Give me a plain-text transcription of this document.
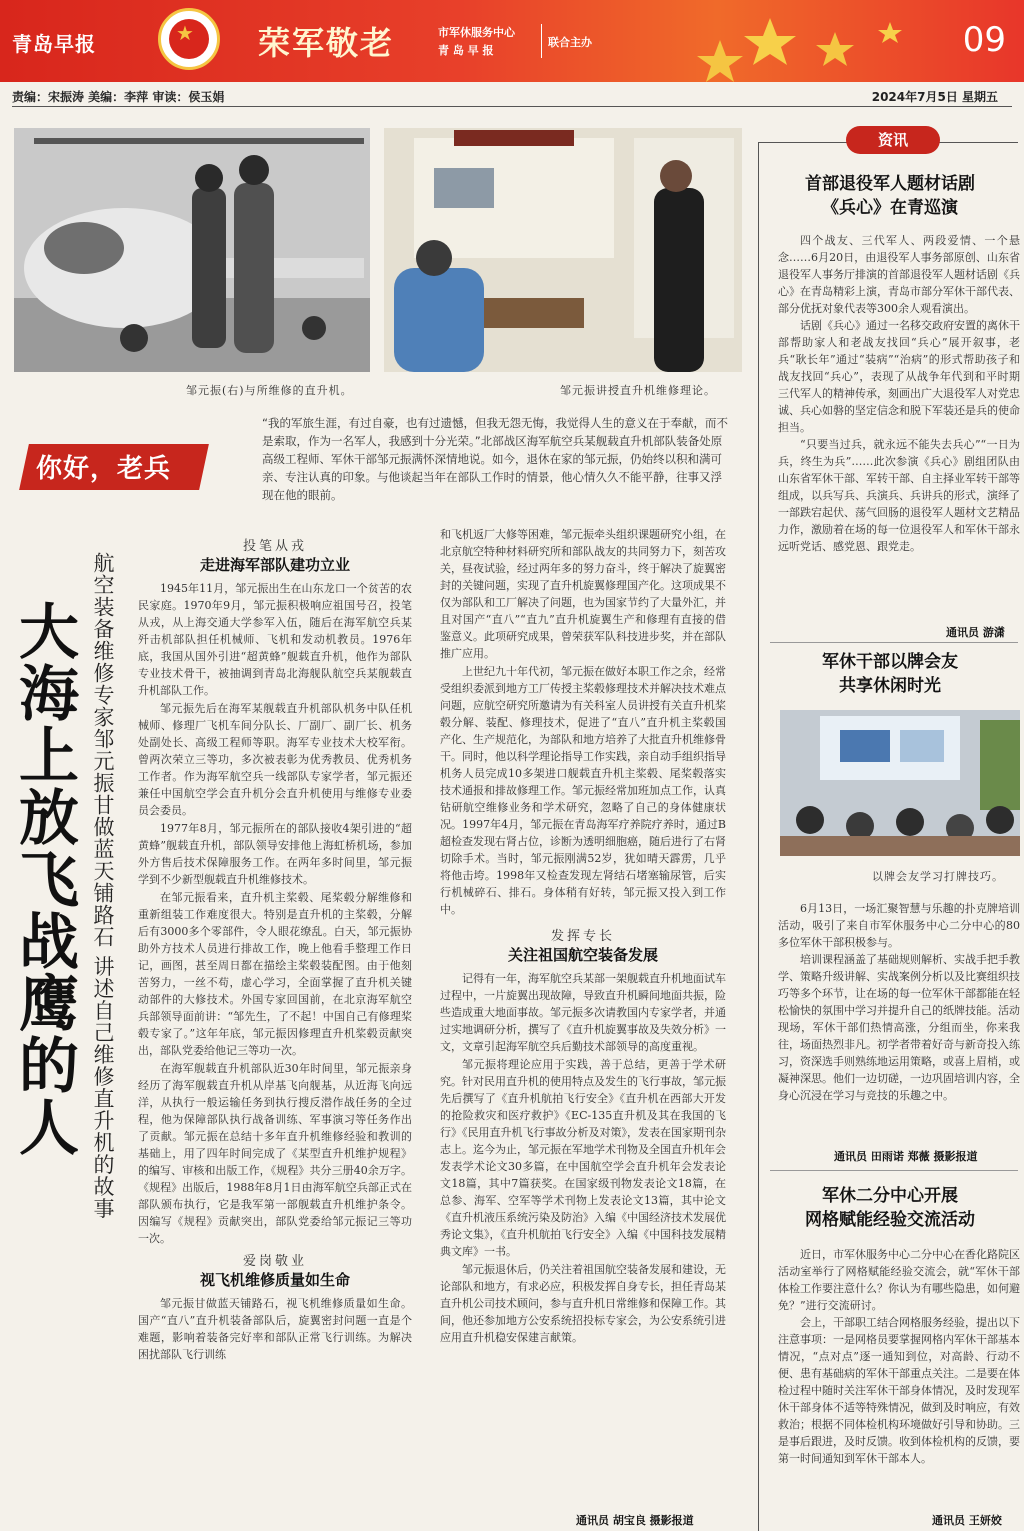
青岛早报	★ 荣军敬老	市军休服务中心
青 岛 早 报
联合主办	09
责编：宋振涛 美编：李萍 审读：侯玉娟	2024年7月5日 星期五
邹元振(右)与所维修的直升机。	邹元振讲授直升机维修理论。
你好，老兵
“我的军旅生涯，有过自豪，也有过遗憾，但我无怨无悔，我觉得人生的意义在于奉献，而不是索取，作为一名军人，我感到十分光荣。”北部战区海军航空兵某舰载直升机部队装备处原高级工程师、军休干部邹元振满怀深情地说。如今，退休在家的邹元振，仍始终以积和满可亲、专注认真的印象。与他谈起当年在部队工作时的情景，他心情久久不能平静，往事又浮现在他的眼前。
大海上放飞战鹰的人 航空装备维修专家邹元振甘做蓝天铺路石 讲述自己维修直升机的故事
投笔从戎
走进海军部队建功立业

1945年11月，邹元振出生在山东龙口一个贫苦的农民家庭。1970年9月，邹元振积极响应祖国号召，投笔从戎，从上海交通大学参军入伍，随后在海军航空兵某歼击机部队担任机械师、飞机和发动机教员。1976年底，我国从国外引进“超黄蜂”舰载直升机，他作为部队专业技术骨干，被抽调到青岛北海舰队航空兵某舰载直升机部队工作。

邹元振先后在海军某舰载直升机部队机务中队任机械师、修理厂飞机车间分队长、厂副厂、副厂长、机务处副处长、高级工程师等职。海军专业技术大校军衔。曾两次荣立三等功，多次被表彰为优秀教员、优秀机务工作者。作为海军航空兵一线部队专家学者，邹元振还兼任中国航空学会直升机分会直升机使用与维修专业委员会委员。

1977年8月，邹元振所在的部队接收4架引进的“超黄蜂”舰载直升机，部队领导安排他上海虹桥机场，参加外方售后技术保障服务工作。在两年多时间里，邹元振学到不少新型舰载直升机维修技术。

在邹元振看来，直升机主桨毂、尾桨毂分解维修和重新组装工作难度很大。特别是直升机的主桨毂，分解后有3000多个零部件，令人眼花缭乱。白天，邹元振协助外方技术人员进行排故工作，晚上他看手整理工作日记，画图，甚至周日都在描绘主桨毂装配图。由于他刻苦努力，一丝不苟，虚心学习，全面掌握了直升机关键动部件的大修技术。外国专家回国前，在北京海军航空兵部领导面前讲：“邹先生，了不起！中国自己有修理桨毂专家了。”这年年底，邹元振因修理直升机桨毂贡献突出，部队党委给他记三等功一次。

在海军舰载直升机部队近30年时间里，邹元振亲身经历了海军舰载直升机从岸基飞向舰基，从近海飞向远洋，从执行一般运输任务到执行搜反潜作战任务的全过程，他为保障部队执行战备训练、军事演习等任务作出了贡献。邹元振在总结十多年直升机维修经验和教训的基础上，用了四年时间完成了《某型直升机维护规程》的编写、审核和出版工作，《规程》共分三册40余万字。《规程》出版后，1988年8月1日由海军航空兵部正式在部队颁布执行，它是我军第一部舰载直升机维护条令。因编写《规程》贡献突出，部队党委给邹元振记三等功一次。

爱岗敬业
视飞机维修质量如生命

邹元振甘做蓝天铺路石，视飞机维修质量如生命。国产“直八”直升机装备部队后，旋翼密封问题一直是个难题，影响着装备完好率和部队正常飞行训练。为解决困扰部队飞行训练

和飞机返厂大修等困难，邹元振牵头组织课题研究小组，在北京航空特种材料研究所和部队战友的共同努力下，刻苦攻关，昼夜试验，经过两年多的努力奋斗，终于解决了旋翼密封的关键问题，实现了直升机旋翼修理国产化。这项成果不仅为部队和工厂解决了问题，也为国家节约了大量外汇，并且对国产“直八”“直九”直升机旋翼生产和修理有直接的借鉴意义。此项研究成果，曾荣获军队科技进步奖，并在部队推广应用。

上世纪九十年代初，邹元振在做好本职工作之余，经常受组织委派到地方工厂传授主桨毂修理技术并解决技术难点问题，应航空研究所邀请为有关科室人员讲授有关直升机桨毂分解、装配、修理技术，促进了“直八”直升机主桨毂国产化、生产规范化，为部队和地方培养了大批直升机维修骨干。同时，他以科学理论指导工作实践，亲自动手组织指导机务人员完成10多架进口舰载直升机主桨毂、尾桨毂落实技术通报和排故修理工作。邹元振经常加班加点工作，认真钻研航空维修业务和学术研究，忽略了自己的身体健康状况。1997年4月，邹元振在青岛海军疗养院疗养时，通过B超检查发现右肾占位，诊断为透明细胞癌，随后进行了右肾切除手术。当时，邹元振刚满52岁，犹如晴天霹雳，几乎将他击垮。1998年又检查发现左肾结石堵塞输尿管，后实行机械碎石、排石。身体稍有好转，邹元振又投入到工作中。

发挥专长
关注祖国航空装备发展

记得有一年，海军航空兵某部一架舰载直升机地面试车过程中，一片旋翼出现故障，导致直升机瞬间地面共振，险些造成重大地面事故。邹元振多次请教国内专家学者，并通过实地调研分析，撰写了《直升机旋翼事故及失效分析》一文，文章引起海军航空兵后勤技术部领导的高度重视。

邹元振将理论应用于实践，善于总结，更善于学术研究。针对民用直升机的使用特点及发生的飞行事故，邹元振先后撰写了《直升机航拍飞行安全》《直升机在西部大开发的抢险救灾和医疗救护》《EC-135直升机及其在我国的飞行》《民用直升机飞行事故分析及对策》，发表在国家期刊杂志上。迄今为止，邹元振在军地学术刊物及全国直升机年会发表学术论文30多篇，在中国航空学会直升机年会发表论文18篇，其中7篇获奖。在国家级刊物发表论文18篇，在总参、海军、空军等学术刊物上发表论文13篇，其中论文《直升机液压系统污染及防治》入编《中国经济技术发展优秀论文集》，《直升机航拍飞行安全》入编《中国科技发展精典文库》一书。

邹元振退休后，仍关注着祖国航空装备发展和建设，无论部队和地方，有求必应，积极发挥自身专长，担任青岛某直升机公司技术顾问，参与直升机日常维修和保障工作。其间，他还参加地方公安系统招投标专家会，为公安系统引进应用直升机稳安保建言献策。

通讯员 胡宝良 摄影报道
资讯
首部退役军人题材话剧
《兵心》在青巡演

四个战友、三代军人、两段爱情、一个悬念……6月20日，由退役军人事务部原创、山东省退役军人事务厅排演的首部退役军人题材话剧《兵心》在青岛精彩上演，青岛市部分军休干部代表、部分优抚对象代表等300余人观看演出。

话剧《兵心》通过一名移交政府安置的离休干部帮助家人和老战友找回“兵心”展开叙事，老兵“耿长年”通过“装病”“治病”的形式帮助孩子和战友找回“兵心”，表现了从战争年代到和平时期三代军人的精神传承，刻画出广大退役军人对党忠诚、兵心如磐的坚定信念和脱下军装还是兵的使命担当。

“只要当过兵，就永远不能失去兵心”“一日为兵，终生为兵”……此次参演《兵心》剧组团队由山东省军休干部、军转干部、自主择业军转干部等组成，以兵写兵、兵演兵、兵讲兵的形式，演绎了一部跌宕起伏、荡气回肠的退役军人题材文艺精品力作，激励着在场的每一位退役军人和军休干部永远听党话、感党恩、跟党走。

通讯员 游潇
军休干部以牌会友
共享休闲时光
以牌会友学习打牌技巧。

6月13日，一场汇聚智慧与乐趣的扑克牌培训活动，吸引了来自市军休服务中心二分中心的80多位军休干部积极参与。

培训课程涵盖了基础规则解析、实战手把手教学、策略升级讲解、实战案例分析以及比赛组织技巧等多个环节，让在场的每一位军休干部都能在轻松愉快的氛围中学习并提升自己的纸牌技能。活动现场，军休干部们热情高涨，分组而坐，你来我往，场面热烈非凡。初学者带着好奇与新奇投入练习，资深选手则熟练地运用策略，或喜上眉梢，或凝神深思。他们一边切磋，一边巩固培训内容，全身心沉浸在学习与竞技的乐趣之中。

通讯员 田雨诺 郑薇 摄影报道
军休二分中心开展
网格赋能经验交流活动

近日，市军休服务中心二分中心在香化路院区活动室举行了网格赋能经验交流会，就“军休干部体检工作要注意什么？你认为有哪些隐患，如何避免？”进行交流研讨。

会上，干部职工结合网格服务经验，提出以下注意事项：一是网格员要掌握网格内军休干部基本情况，“点对点”逐一通知到位，对高龄、行动不便、患有基础病的军休干部重点关注。二是要在体检过程中随时关注军休干部身体情况，及时发现军休干部身体不适等特殊情况，做到及时响应，有效救治；根据不同体检机构环境做好引导和协助。三是事后跟进，及时反馈。收到体检机构的反馈，要第一时间通知到军休干部本人。

通讯员 王妍姣
